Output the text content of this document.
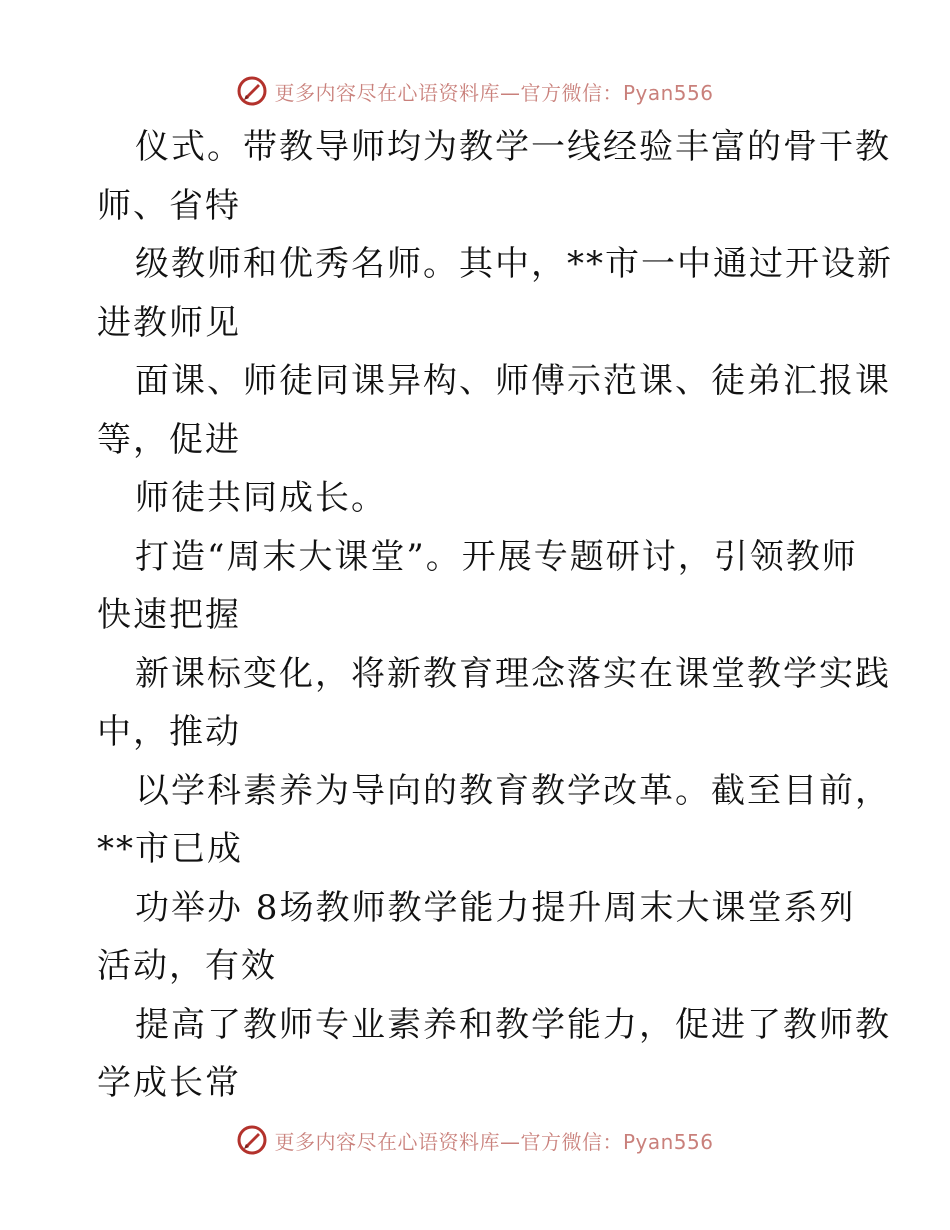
更多内容尽在心语资料库—官方微信：Pyan556
仪式。带教导师均为教学一线经验丰富的骨干教
师、省特
级教师和优秀名师。其中，**市一中通过开设新
进教师见
面课、师徒同课异构、师傅示范课、徒弟汇报课
等，促进
师徒共同成长。
打造“周末大课堂”。开展专题研讨，引领教师
快速把握
新课标变化，将新教育理念落实在课堂教学实践
中，推动
以学科素养为导向的教育教学改革。截至目前，
**市已成
功举办 8场教师教学能力提升周末大课堂系列
活动，有效
提高了教师专业素养和教学能力，促进了教师教
学成长常
更多内容尽在心语资料库—官方微信：Pyan556
